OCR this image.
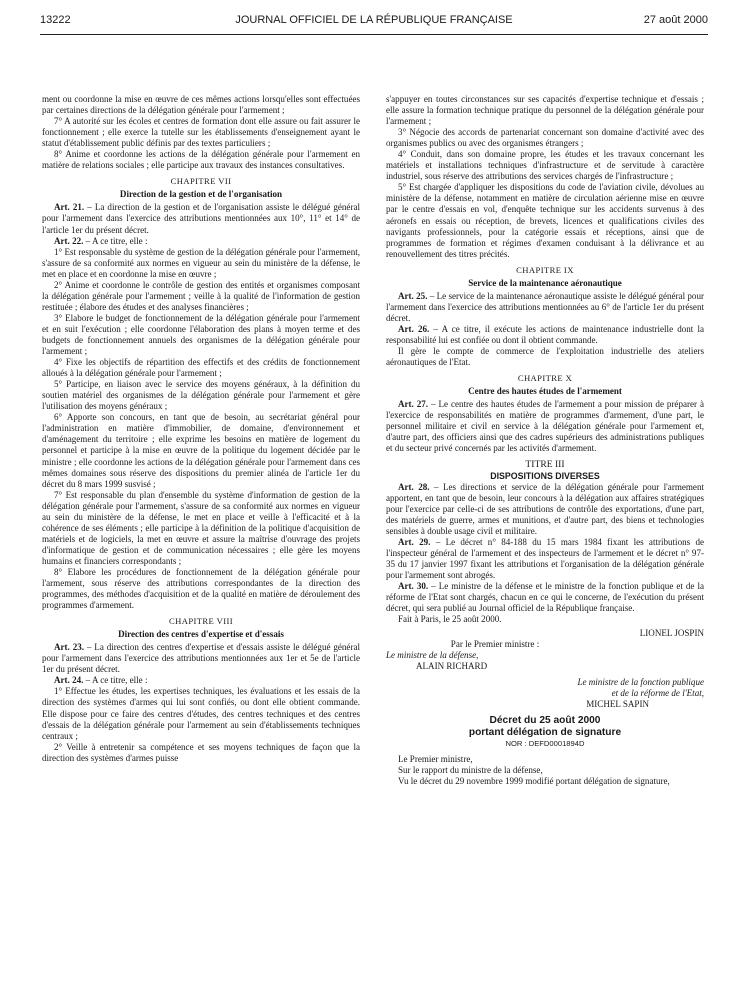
13222	JOURNAL OFFICIEL DE LA RÉPUBLIQUE FRANÇAISE	27 août 2000

ment ou coordonne la mise en œuvre de ces mêmes actions lorsqu'elles sont effectuées par certaines directions de la délégation générale pour l'armement ;

7° A autorité sur les écoles et centres de formation dont elle assure ou fait assurer le fonctionnement ; elle exerce la tutelle sur les établissements d'enseignement ayant le statut d'établissement public définis par des textes particuliers ;

8° Anime et coordonne les actions de la délégation générale pour l'armement en matière de relations sociales ; elle participe aux travaux des instances consultatives.

CHAPITRE VII

Direction de la gestion et de l'organisation

Art. 21. – La direction de la gestion et de l'organisation assiste le délégué général pour l'armement dans l'exercice des attributions mentionnées aux 10°, 11° et 14° de l'article 1er du présent décret.

Art. 22. – A ce titre, elle :

1° Est responsable du système de gestion de la délégation générale pour l'armement, s'assure de sa conformité aux normes en vigueur au sein du ministère de la défense, le met en place et en coordonne la mise en œuvre ;

2° Anime et coordonne le contrôle de gestion des entités et organismes composant la délégation générale pour l'armement ; veille à la qualité de l'information de gestion restituée ; élabore des études et des analyses financières ;

3° Elabore le budget de fonctionnement de la délégation générale pour l'armement et en suit l'exécution ; elle coordonne l'élaboration des plans à moyen terme et des budgets de fonctionnement annuels des organismes de la délégation générale pour l'armement ;

4° Fixe les objectifs de répartition des effectifs et des crédits de fonctionnement alloués à la délégation générale pour l'armement ;

5° Participe, en liaison avec le service des moyens généraux, à la définition du soutien matériel des organismes de la délégation générale pour l'armement et gère l'utilisation des moyens généraux ;

6° Apporte son concours, en tant que de besoin, au secrétariat général pour l'administration en matière d'immobilier, de domaine, d'environnement et d'aménagement du territoire ; elle exprime les besoins en matière de logement du personnel et participe à la mise en œuvre de la politique du logement décidée par le ministre ; elle coordonne les actions de la délégation générale pour l'armement dans ces mêmes domaines sous réserve des dispositions du premier alinéa de l'article 1er du décret du 8 mars 1999 susvisé ;

7° Est responsable du plan d'ensemble du système d'information de gestion de la délégation générale pour l'armement, s'assure de sa conformité aux normes en vigueur au sein du ministère de la défense, le met en place et veille à l'efficacité et à la cohérence de ses éléments ; elle participe à la définition de la politique d'acquisition de matériels et de logiciels, la met en œuvre et assure la maîtrise d'ouvrage des projets d'informatique de gestion et de communication nécessaires ; elle gère les moyens humains et financiers correspondants ;

8° Elabore les procédures de fonctionnement de la délégation générale pour l'armement, sous réserve des attributions correspondantes de la direction des programmes, des méthodes d'acquisition et de la qualité en matière de déroulement des programmes d'armement.

CHAPITRE VIII

Direction des centres d'expertise et d'essais

Art. 23. – La direction des centres d'expertise et d'essais assiste le délégué général pour l'armement dans l'exercice des attributions mentionnées aux 1er et 5e de l'article 1er du présent décret.

Art. 24. – A ce titre, elle :

1° Effectue les études, les expertises techniques, les évaluations et les essais de la direction des systèmes d'armes qui lui sont confiés, ou dont elle obtient commande. Elle dispose pour ce faire des centres d'études, des centres techniques et des centres d'essais de la délégation générale pour l'armement au sein d'établissements techniques centraux ;

2° Veille à entretenir sa compétence et ses moyens techniques de façon que la direction des systèmes d'armes puisse

s'appuyer en toutes circonstances sur ses capacités d'expertise technique et d'essais ; elle assure la formation technique pratique du personnel de la délégation générale pour l'armement ;

3° Négocie des accords de partenariat concernant son domaine d'activité avec des organismes publics ou avec des organismes étrangers ;

4° Conduit, dans son domaine propre, les études et les travaux concernant les matériels et installations techniques d'infrastructure et de servitude à caractère industriel, sous réserve des attributions des services chargés de l'infrastructure ;

5° Est chargée d'appliquer les dispositions du code de l'aviation civile, dévolues au ministère de la défense, notamment en matière de circulation aérienne mise en œuvre par le centre d'essais en vol, d'enquête technique sur les accidents survenus à des aéronefs en essais ou réception, de brevets, licences et qualifications civiles des navigants professionnels, pour la catégorie essais et réceptions, ainsi que de programmes de formation et régimes d'examen conduisant à la délivrance et au renouvellement des titres précités.

CHAPITRE IX

Service de la maintenance aéronautique

Art. 25. – Le service de la maintenance aéronautique assiste le délégué général pour l'armement dans l'exercice des attributions mentionnées au 6° de l'article 1er du présent décret.

Art. 26. – A ce titre, il exécute les actions de maintenance industrielle dont la responsabilité lui est confiée ou dont il obtient commande.

Il gère le compte de commerce de l'exploitation industrielle des ateliers aéronautiques de l'Etat.

CHAPITRE X

Centre des hautes études de l'armement

Art. 27. – Le centre des hautes études de l'armement a pour mission de préparer à l'exercice de responsabilités en matière de programmes d'armement, d'une part, le personnel militaire et civil en service à la délégation générale pour l'armement et, d'autre part, des officiers ainsi que des cadres supérieurs des administrations publiques et du secteur privé concernés par les activités d'armement.

TITRE III

DISPOSITIONS DIVERSES

Art. 28. – Les directions et service de la délégation générale pour l'armement apportent, en tant que de besoin, leur concours à la délégation aux affaires stratégiques pour l'exercice par celle-ci de ses attributions de contrôle des exportations, d'une part, des matériels de guerre, armes et munitions, et d'autre part, des biens et technologies sensibles à double usage civil et militaire.

Art. 29. – Le décret n° 84-188 du 15 mars 1984 fixant les attributions de l'inspecteur général de l'armement et des inspecteurs de l'armement et le décret n° 97-35 du 17 janvier 1997 fixant les attributions et l'organisation de la délégation générale pour l'armement sont abrogés.

Art. 30. – Le ministre de la défense et le ministre de la fonction publique et de la réforme de l'Etat sont chargés, chacun en ce qui le concerne, de l'exécution du présent décret, qui sera publié au Journal officiel de la République française.

Fait à Paris, le 25 août 2000.

LIONEL JOSPIN

Par le Premier ministre :

Le ministre de la défense,

ALAIN RICHARD

Le ministre de la fonction publique

et de la réforme de l'Etat,

MICHEL SAPIN

Décret du 25 août 2000

portant délégation de signature

NOR : DEFD0001894D

Le Premier ministre,

Sur le rapport du ministre de la défense,

Vu le décret du 29 novembre 1999 modifié portant délégation de signature,
